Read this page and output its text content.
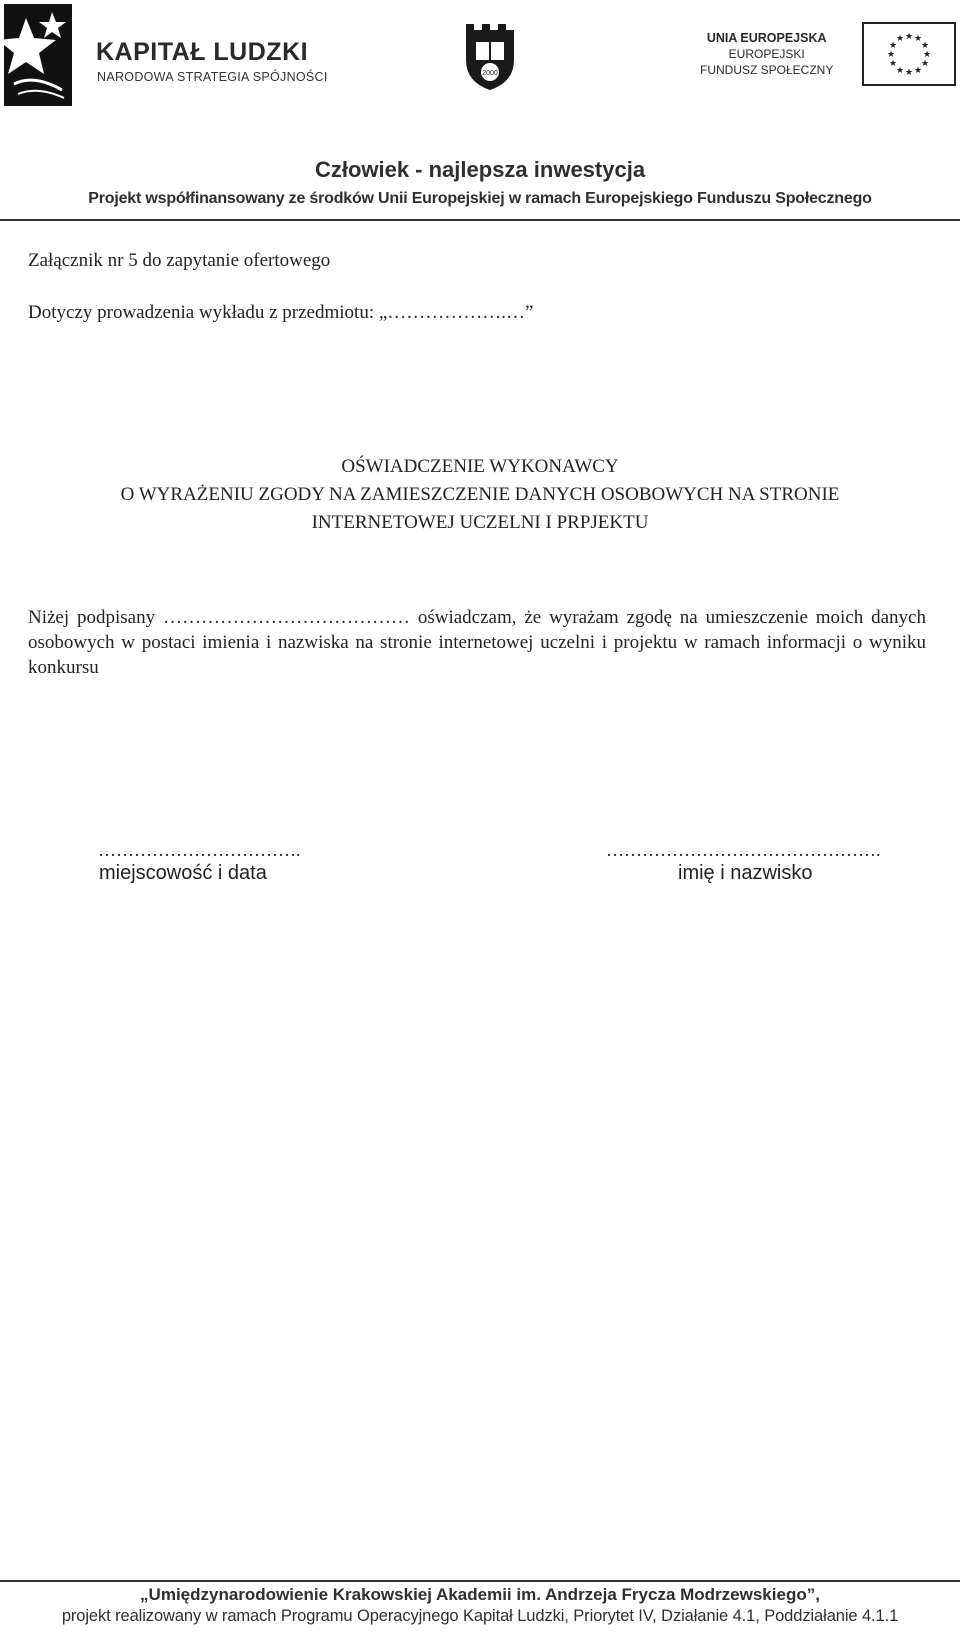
KAPITAŁ LUDZKI
NARODOWA STRATEGIA SPÓJNOŚCI	2000
UNIA EUROPEJSKA
EUROPEJSKI
FUNDUSZ SPOŁECZNY
★ ★
★
★
★
★
★
★
★
★
★
★
Człowiek - najlepsza inwestycja
Projekt współfinansowany ze środków Unii Europejskiej w ramach Europejskiego Funduszu Społecznego
Załącznik nr 5 do zapytanie ofertowego
Dotyczy prowadzenia wykładu z przedmiotu: „……………….…”
OŚWIADCZENIE WYKONAWCY
O WYRAŻENIU ZGODY NA ZAMIESZCZENIE DANYCH OSOBOWYCH NA STRONIE
INTERNETOWEJ UCZELNI I PRPJEKTU
Niżej podpisany ………………………………… oświadczam, że wyrażam zgodę na umieszczenie moich danych osobowych w postaci imienia i nazwiska na stronie internetowej uczelni i projektu w ramach informacji o wyniku konkursu
…………………………….
miejscowość i data
……………………………………….
imię i nazwisko
„Umiędzynarodowienie Krakowskiej Akademii im. Andrzeja Frycza Modrzewskiego”,
projekt realizowany w ramach Programu Operacyjnego Kapitał Ludzki, Priorytet IV, Działanie 4.1, Poddziałanie 4.1.1
